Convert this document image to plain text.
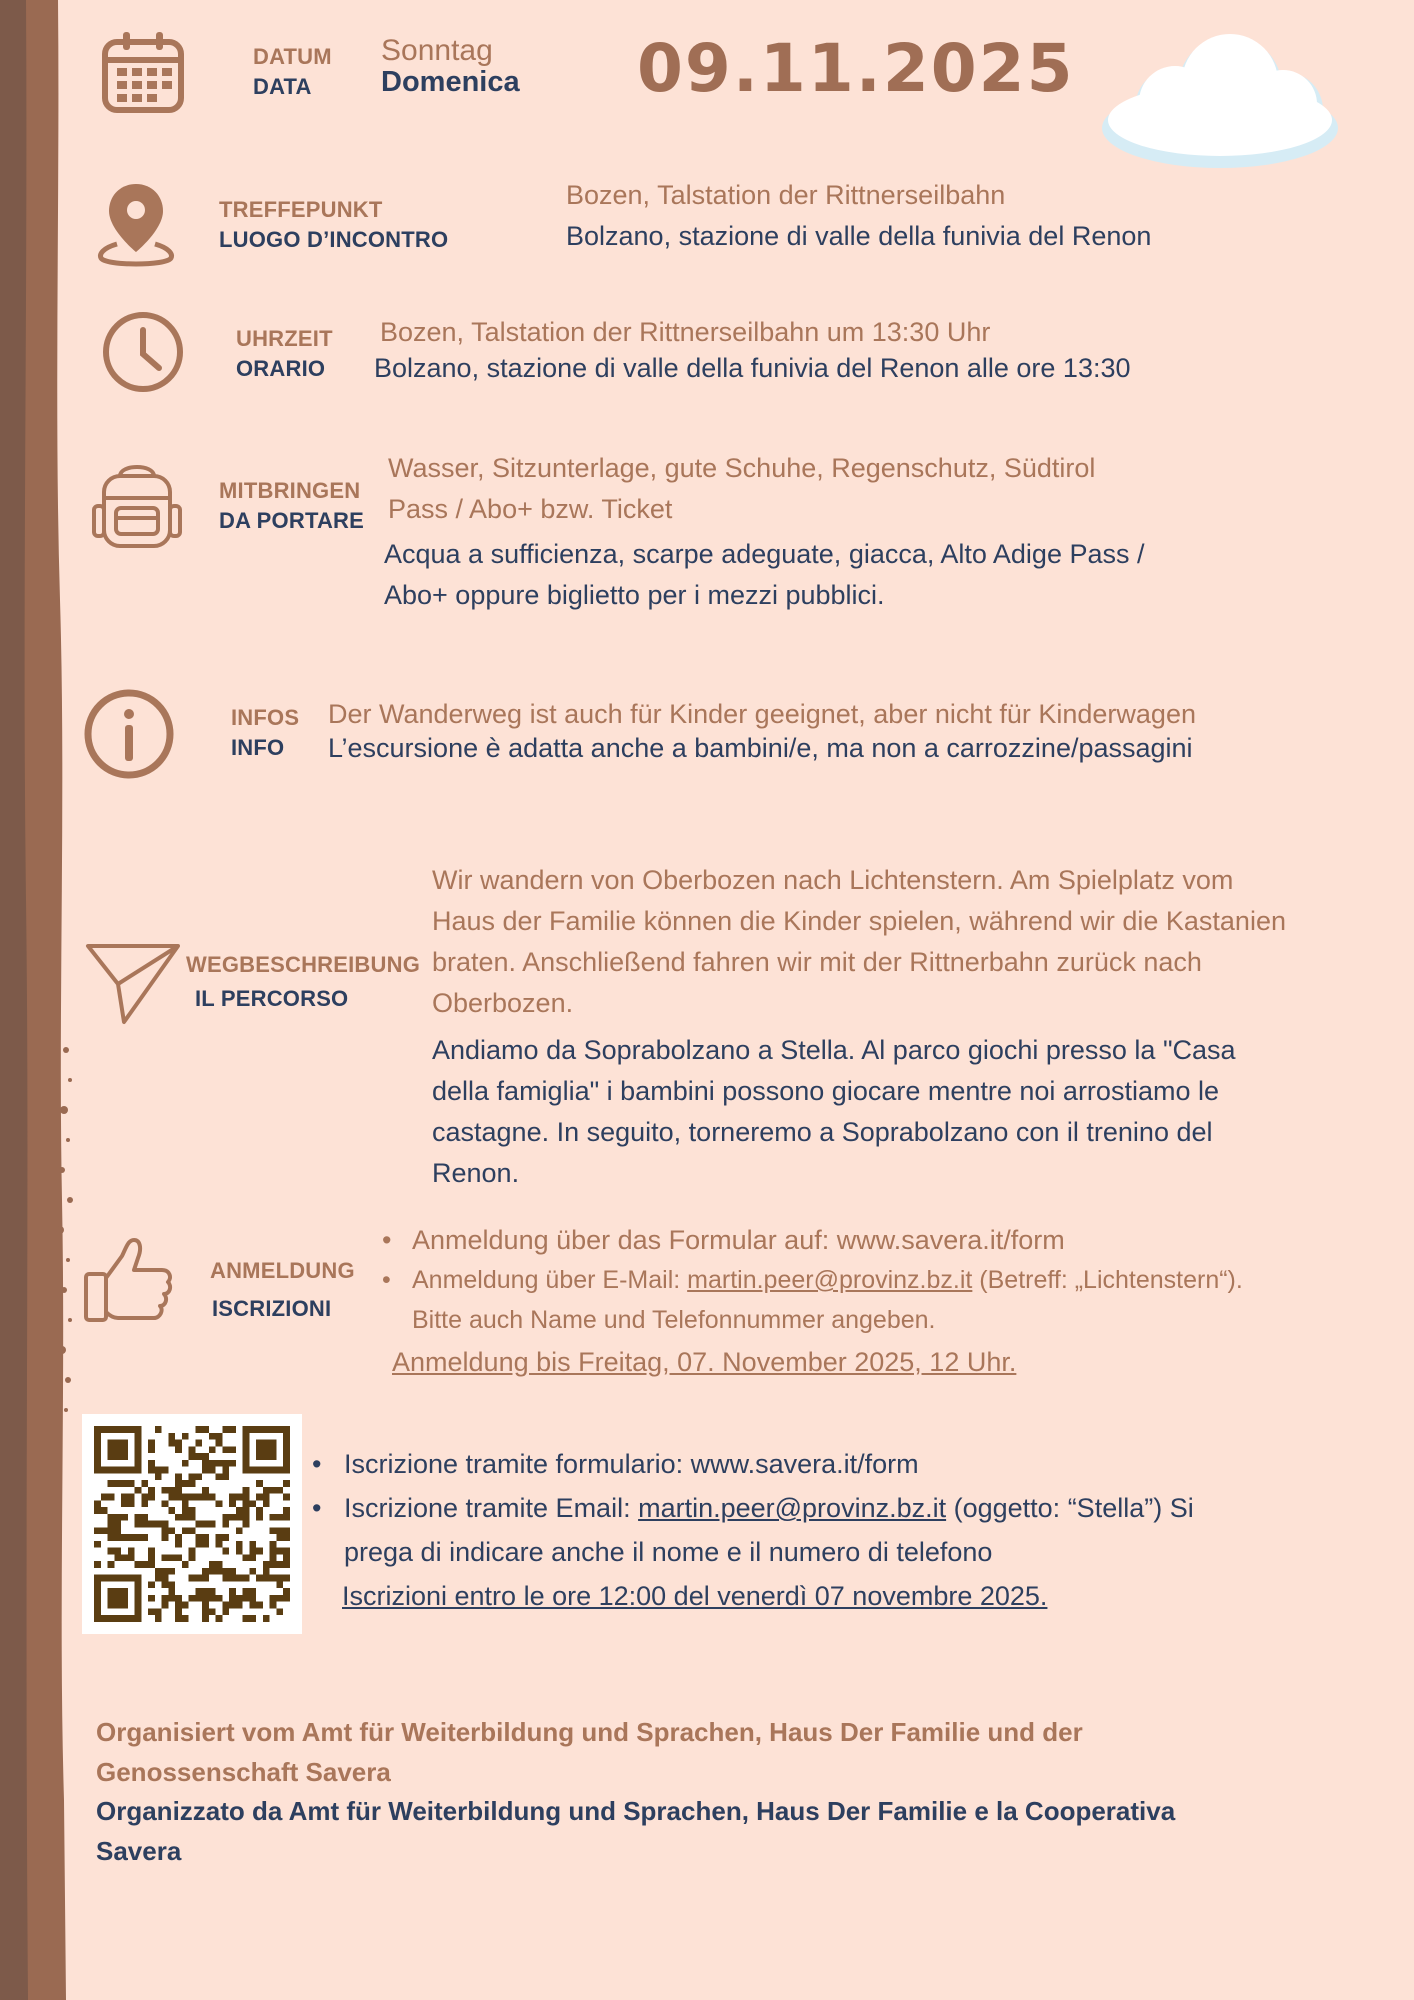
DATUM
DATA
Sonntag
Domenica 09.11.2025
TREFFEPUNKT
LUOGO D’INCONTRO
Bozen, Talstation der Rittnerseilbahn
Bolzano, stazione di valle della funivia del Renon
UHRZEIT
ORARIO
Bozen, Talstation der Rittnerseilbahn um 13:30 Uhr
Bolzano, stazione di valle della funivia del Renon alle ore 13:30
MITBRINGEN
DA PORTARE
Wasser, Sitzunterlage, gute Schuhe, Regenschutz, Südtirol
Pass / Abo+ bzw. Ticket
Acqua a sufficienza, scarpe adeguate, giacca, Alto Adige Pass /
Abo+ oppure biglietto per i mezzi pubblici.
INFOS
INFO
Der Wanderweg ist auch für Kinder geeignet, aber nicht für Kinderwagen
L’escursione è adatta anche a bambini/e, ma non a carrozzine/passagini
WEGBESCHREIBUNG
IL PERCORSO
Wir wandern von Oberbozen nach Lichtenstern. Am Spielplatz vom
Haus der Familie können die Kinder spielen, während wir die Kastanien
braten. Anschließend fahren wir mit der Rittnerbahn zurück nach
Oberbozen.
Andiamo da Soprabolzano a Stella. Al parco giochi presso la "Casa
della famiglia" i bambini possono giocare mentre noi arrostiamo le
castagne. In seguito, torneremo a Soprabolzano con il trenino del
Renon.
ANMELDUNG
ISCRIZIONI
• Anmeldung über das Formular auf: www.savera.it/form
• Anmeldung über E-Mail: martin.peer@provinz.bz.it (Betreff: „Lichtenstern“).
Bitte auch Name und Telefonnummer angeben.
Anmeldung bis Freitag, 07. November 2025, 12 Uhr.
• Iscrizione tramite formulario: www.savera.it/form
• Iscrizione tramite Email: martin.peer@provinz.bz.it (oggetto: “Stella”) Si
prega di indicare anche il nome e il numero di telefono
Iscrizioni entro le ore 12:00 del venerdì 07 novembre 2025.
Organisiert vom Amt für Weiterbildung und Sprachen, Haus Der Familie und der
Genossenschaft Savera
Organizzato da Amt für Weiterbildung und Sprachen, Haus Der Familie e la Cooperativa
Savera
